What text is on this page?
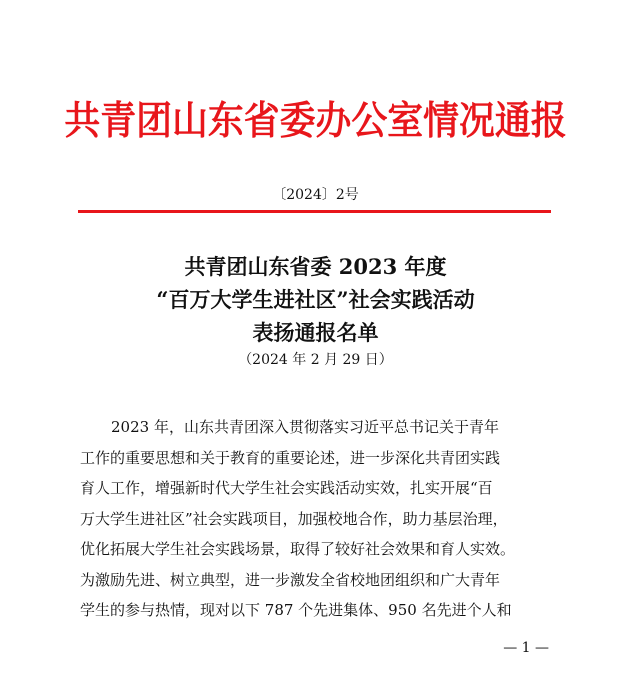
共青团山东省委办公室情况通报
〔2024〕2号
共青团山东省委 2023 年度
“百万大学生进社区”社会实践活动
表扬通报名单
（2024 年 2 月 29 日）

2023 年，山东共青团深入贯彻落实习近平总书记关于青年

工作的重要思想和关于教育的重要论述，进一步深化共青团实践

育人工作，增强新时代大学生社会实践活动实效，扎实开展“百

万大学生进社区”社会实践项目，加强校地合作，助力基层治理，

优化拓展大学生社会实践场景，取得了较好社会效果和育人实效。

为激励先进、树立典型，进一步激发全省校地团组织和广大青年

学生的参与热情，现对以下 787 个先进集体、950 名先进个人和

— 1 —
